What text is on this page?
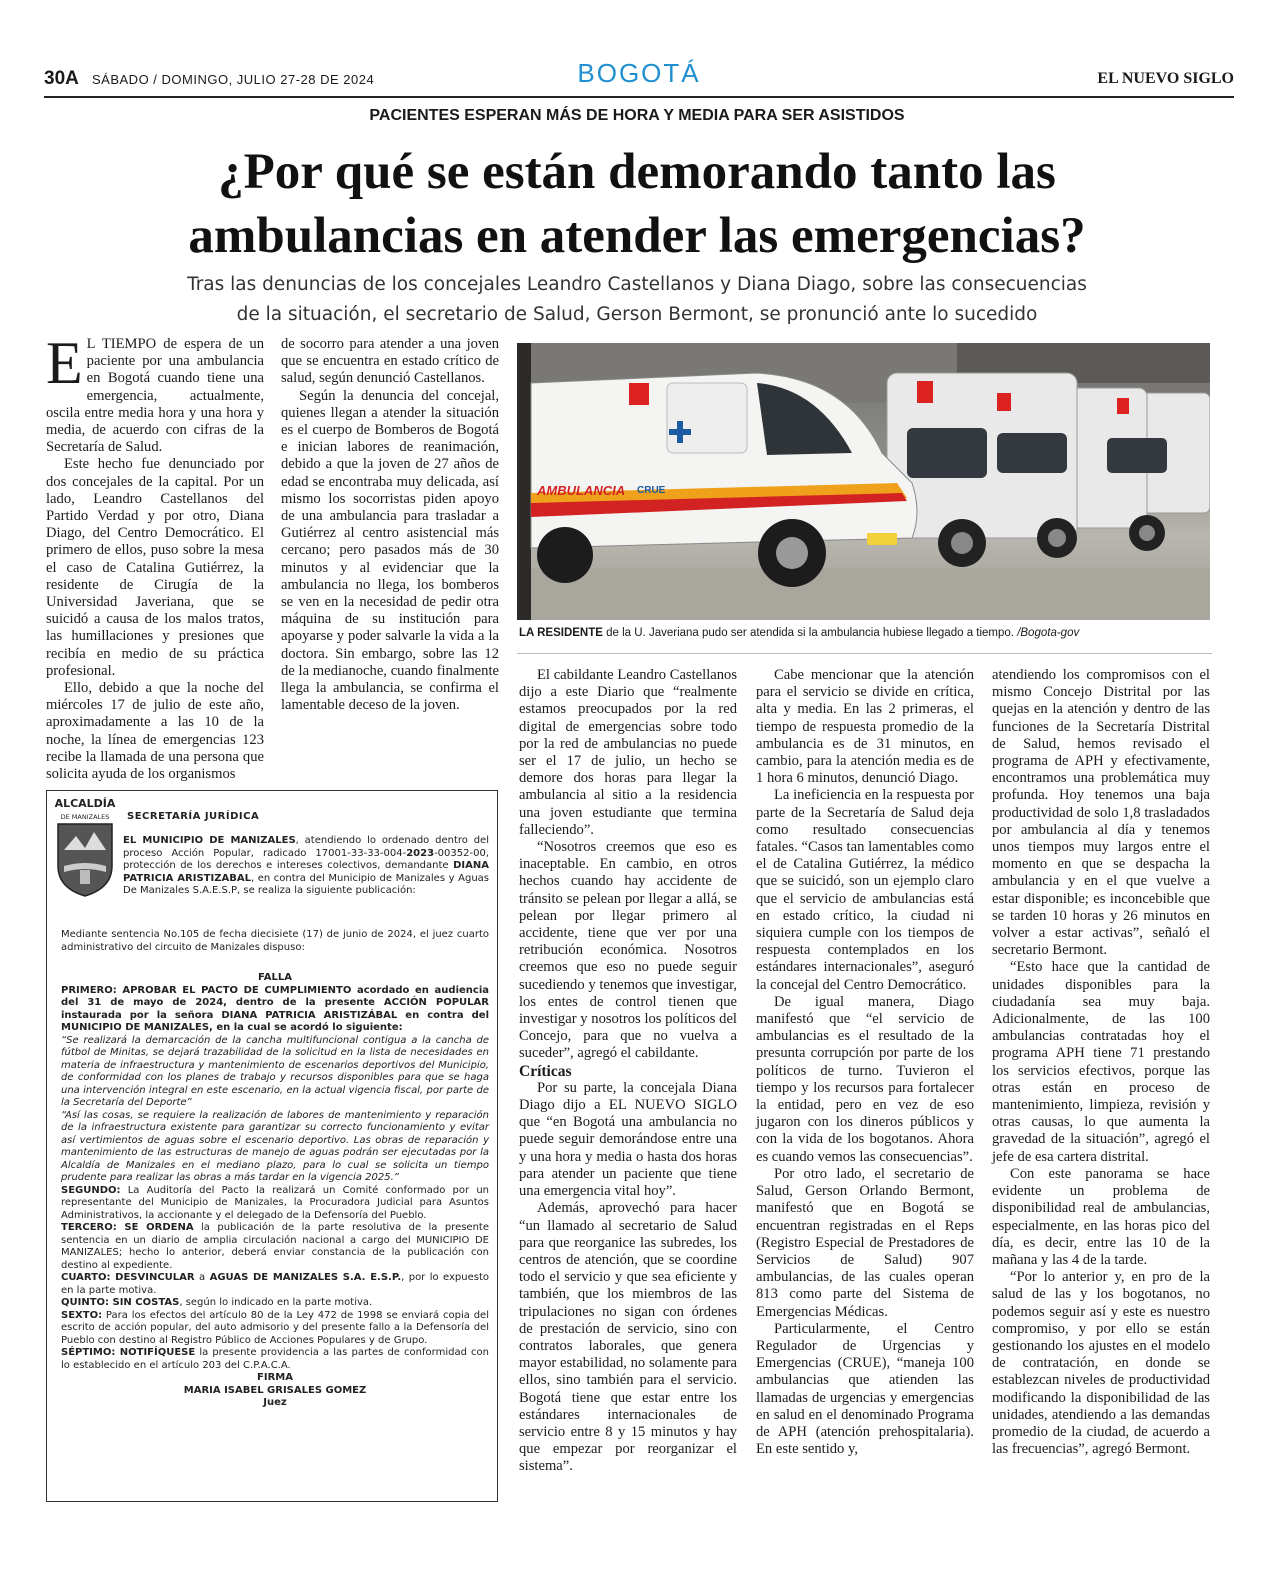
30A SÁBADO / DOMINGO, JULIO 27-28 DE 2024	BOGOTÁ	EL NUEVO SIGLO
PACIENTES ESPERAN MÁS DE HORA Y MEDIA PARA SER ASISTIDOS
¿Por qué se están demorando tanto las
ambulancias en atender las emergencias?
Tras las denuncias de los concejales Leandro Castellanos y Diana Diago, sobre las consecuencias
de la situación, el secretario de Salud, Gerson Bermont, se pronunció ante lo sucedido

E L TIEMPO de espera de un paciente por una ambulancia en Bogotá cuando tiene una emergencia, actualmente, oscila entre media hora y una hora y media, de acuerdo con cifras de la Secretaría de Salud.

Este hecho fue denunciado por dos concejales de la capital. Por un lado, Leandro Castellanos del Partido Verdad y por otro, Diana Diago, del Centro Democrático. El primero de ellos, puso sobre la mesa el caso de Catalina Gutiérrez, la residente de Cirugía de la Universidad Javeriana, que se suicidó a causa de los malos tratos, las humillaciones y presiones que recibía en medio de su práctica profesional.

Ello, debido a que la noche del miércoles 17 de julio de este año, aproximadamente a las 10 de la noche, la línea de emergencias 123 recibe la llamada de una persona que solicita ayuda de los organismos

de socorro para atender a una joven que se encuentra en estado crítico de salud, según denunció Castellanos.

Según la denuncia del concejal, quienes llegan a atender la situación es el cuerpo de Bomberos de Bogotá e inician labores de reanimación, debido a que la joven de 27 años de edad se encontraba muy delicada, así mismo los socorristas piden apoyo de una ambulancia para trasladar a Gutiérrez al centro asistencial más cercano; pero pasados más de 30 minutos y al evidenciar que la ambulancia no llega, los bomberos se ven en la necesidad de pedir otra máquina de su institución para apoyarse y poder salvarle la vida a la doctora. Sin embargo, sobre las 12 de la medianoche, cuando finalmente llega la ambulancia, se confirma el lamentable deceso de la joven.

AMBULANCIA CRUE
LA RESIDENTE de la U. Javeriana pudo ser atendida si la ambulancia hubiese llegado a tiempo. /Bogota-gov

El cabildante Leandro Castellanos dijo a este Diario que “realmente estamos preocupados por la red digital de emergencias sobre todo por la red de ambulancias no puede ser el 17 de julio, un hecho se demore dos horas para llegar la ambulancia al sitio a la residencia una joven estudiante que termina falleciendo”.

“Nosotros creemos que eso es inaceptable. En cambio, en otros hechos cuando hay accidente de tránsito se pelean por llegar a allá, se pelean por llegar primero al accidente, tiene que ver por una retribución económica. Nosotros creemos que eso no puede seguir sucediendo y tenemos que investigar, los entes de control tienen que investigar y nosotros los políticos del Concejo, para que no vuelva a suceder”, agregó el cabildante.

Críticas

Por su parte, la concejala Diana Diago dijo a EL NUEVO SIGLO que “en Bogotá una ambulancia no puede seguir demorándose entre una y una hora y media o hasta dos horas para atender un paciente que tiene una emergencia vital hoy”.

Además, aprovechó para hacer “un llamado al secretario de Salud para que reorganice las subredes, los centros de atención, que se coordine todo el servicio y que sea eficiente y también, que los miembros de las tripulaciones no sigan con órdenes de prestación de servicio, sino con contratos laborales, que genera mayor estabilidad, no solamente para ellos, sino también para el servicio. Bogotá tiene que estar entre los estándares internacionales de servicio entre 8 y 15 minutos y hay que empezar por reorganizar el sistema”.

Cabe mencionar que la atención para el servicio se divide en crítica, alta y media. En las 2 primeras, el tiempo de respuesta promedio de la ambulancia es de 31 minutos, en cambio, para la atención media es de 1 hora 6 minutos, denunció Diago.

La ineficiencia en la respuesta por parte de la Secretaría de Salud deja como resultado consecuencias fatales. “Casos tan lamentables como el de Catalina Gutiérrez, la médico que se suicidó, son un ejemplo claro que el servicio de ambulancias está en estado crítico, la ciudad ni siquiera cumple con los tiempos de respuesta contemplados en los estándares internacionales”, aseguró la concejal del Centro Democrático.

De igual manera, Diago manifestó que “el servicio de ambulancias es el resultado de la presunta corrupción por parte de los políticos de turno. Tuvieron el tiempo y los recursos para fortalecer la entidad, pero en vez de eso jugaron con los dineros públicos y con la vida de los bogotanos. Ahora es cuando vemos las consecuencias”.

Por otro lado, el secretario de Salud, Gerson Orlando Bermont, manifestó que en Bogotá se encuentran registradas en el Reps (Registro Especial de Prestadores de Servicios de Salud) 907 ambulancias, de las cuales operan 813 como parte del Sistema de Emergencias Médicas.

Particularmente, el Centro Regulador de Urgencias y Emergencias (CRUE), “maneja 100 ambulancias que atienden las llamadas de urgencias y emergencias en salud en el denominado Programa de APH (atención prehospitalaria). En este sentido y,

atendiendo los compromisos con el mismo Concejo Distrital por las quejas en la atención y dentro de las funciones de la Secretaría Distrital de Salud, hemos revisado el programa de APH y efectivamente, encontramos una problemática muy profunda. Hoy tenemos una baja productividad de solo 1,8 trasladados por ambulancia al día y tenemos unos tiempos muy largos entre el momento en que se despacha la ambulancia y en el que vuelve a estar disponible; es inconcebible que se tarden 10 horas y 26 minutos en volver a estar activas”, señaló el secretario Bermont.

“Esto hace que la cantidad de unidades disponibles para la ciudadanía sea muy baja. Adicionalmente, de las 100 ambulancias contratadas hoy el programa APH tiene 71 prestando los servicios efectivos, porque las otras están en proceso de mantenimiento, limpieza, revisión y otras causas, lo que aumenta la gravedad de la situación”, agregó el jefe de esa cartera distrital.

Con este panorama se hace evidente un problema de disponibilidad real de ambulancias, especialmente, en las horas pico del día, es decir, entre las 10 de la mañana y las 4 de la tarde.

“Por lo anterior y, en pro de la salud de las y los bogotanos, no podemos seguir así y este es nuestro compromiso, y por ello se están gestionando los ajustes en el modelo de contratación, en donde se establezcan niveles de productividad modificando la disponibilidad de las unidades, atendiendo a las demandas promedio de la ciudad, de acuerdo a las frecuencias”, agregó Bermont.

ALCALDÍA
DE MANIZALES	SECRETARÍA JURÍDICA
EL MUNICIPIO DE MANIZALES, atendiendo lo ordenado dentro del proceso Acción Popular, radicado 17001-33-33-004-2023-00352-00, protección de los derechos e intereses colectivos, demandante DIANA PATRICIA ARISTIZABAL, en contra del Municipio de Manizales y Aguas De Manizales S.A.E.S.P, se realiza la siguiente publicación:

Mediante sentencia No.105 de fecha diecisiete (17) de junio de 2024, el juez cuarto administrativo del circuito de Manizales dispuso:

FALLA

PRIMERO: APROBAR EL PACTO DE CUMPLIMIENTO acordado en audiencia del 31 de mayo de 2024, dentro de la presente ACCIÓN POPULAR instaurada por la señora DIANA PATRICIA ARISTIZÁBAL en contra del MUNICIPIO DE MANIZALES, en la cual se acordó lo siguiente:

“Se realizará la demarcación de la cancha multifuncional contigua a la cancha de fútbol de Minitas, se dejará trazabilidad de la solicitud en la lista de necesidades en materia de infraestructura y mantenimiento de escenarios deportivos del Municipio, de conformidad con los planes de trabajo y recursos disponibles para que se haga una intervención integral en este escenario, en la actual vigencia fiscal, por parte de la Secretaría del Deporte”

“Así las cosas, se requiere la realización de labores de mantenimiento y reparación de la infraestructura existente para garantizar su correcto funcionamiento y evitar así vertimientos de aguas sobre el escenario deportivo. Las obras de reparación y mantenimiento de las estructuras de manejo de aguas podrán ser ejecutadas por la Alcaldía de Manizales en el mediano plazo, para lo cual se solicita un tiempo prudente para realizar las obras a más tardar en la vigencia 2025.”

SEGUNDO: La Auditoría del Pacto la realizará un Comité conformado por un representante del Municipio de Manizales, la Procuradora Judicial para Asuntos Administrativos, la accionante y el delegado de la Defensoría del Pueblo.

TERCERO: SE ORDENA la publicación de la parte resolutiva de la presente sentencia en un diario de amplia circulación nacional a cargo del MUNICIPIO DE MANIZALES; hecho lo anterior, deberá enviar constancia de la publicación con destino al expediente.

CUARTO: DESVINCULAR a AGUAS DE MANIZALES S.A. E.S.P., por lo expuesto en la parte motiva.

QUINTO: SIN COSTAS, según lo indicado en la parte motiva.

SEXTO: Para los efectos del artículo 80 de la Ley 472 de 1998 se enviará copia del escrito de acción popular, del auto admisorio y del presente fallo a la Defensoría del Pueblo con destino al Registro Público de Acciones Populares y de Grupo.

SÉPTIMO: NOTIFÍQUESE la presente providencia a las partes de conformidad con lo establecido en el artículo 203 del C.P.A.C.A.

FIRMA

MARIA ISABEL GRISALES GOMEZ

Juez
